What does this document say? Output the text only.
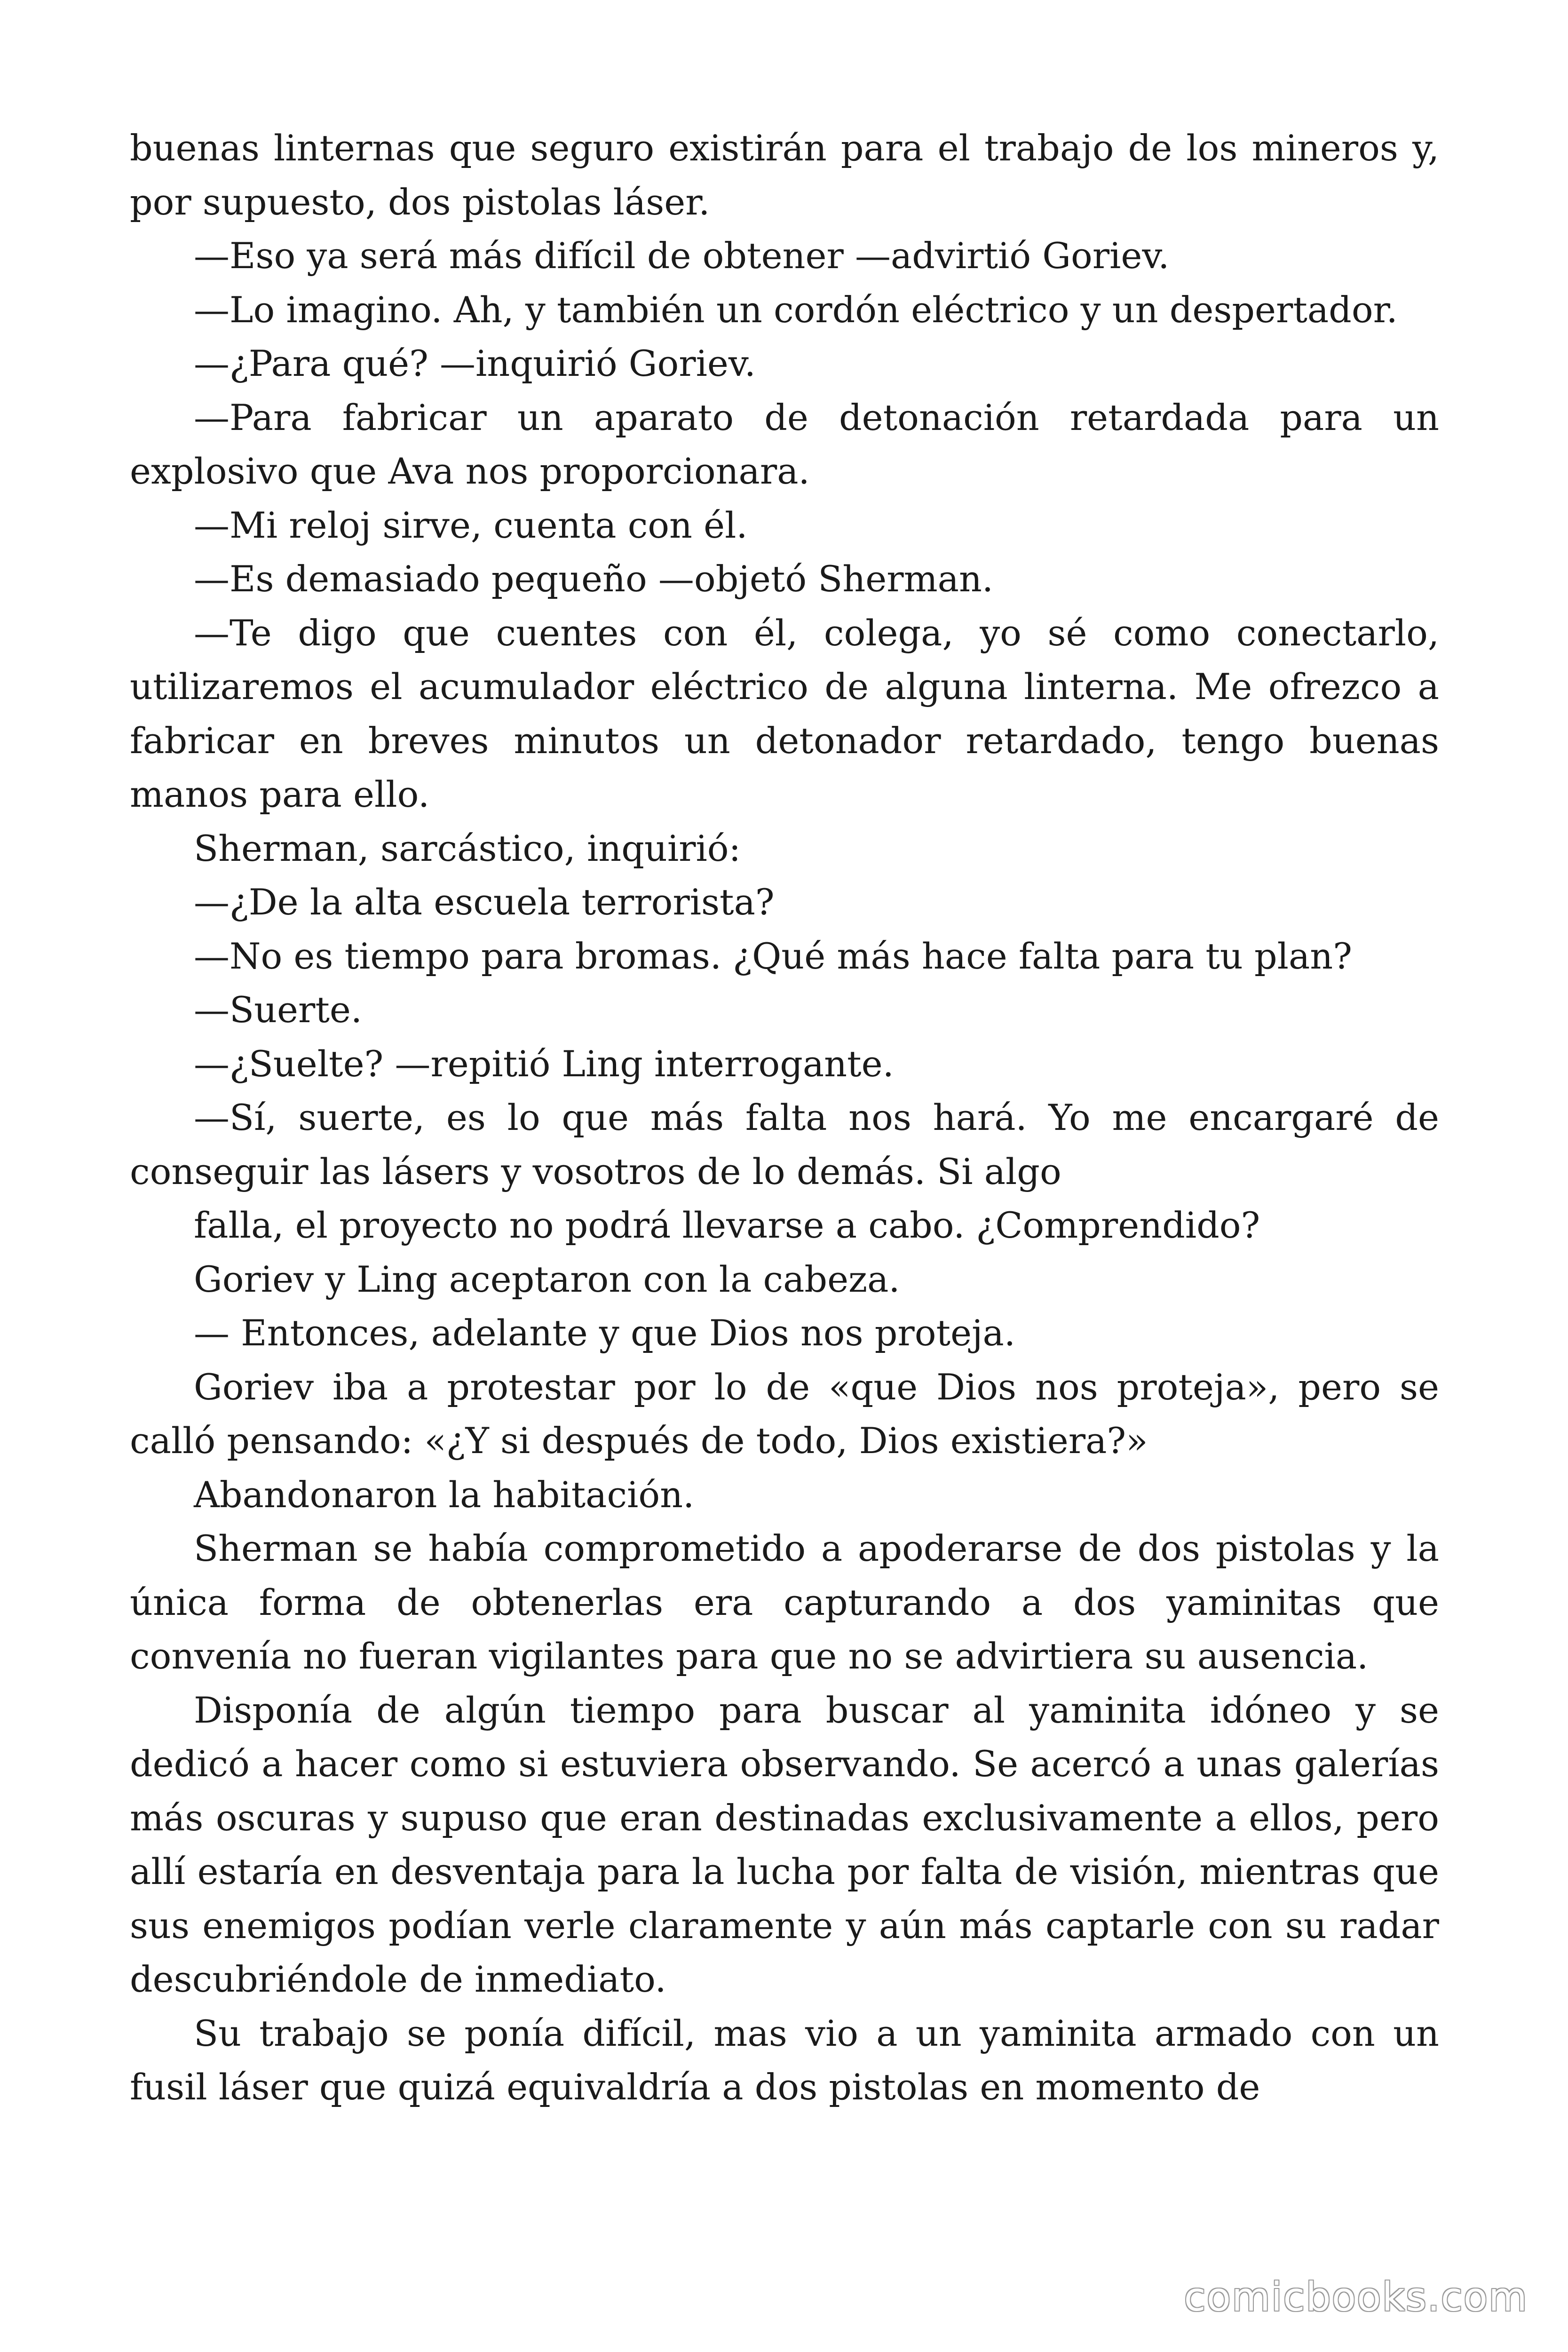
buenas linternas que seguro existirán para el trabajo de los mineros y, por supuesto, dos pistolas láser.

—Eso ya será más difícil de obtener —advirtió Goriev.

—Lo imagino. Ah, y también un cordón eléctrico y un despertador.

—¿Para qué? —inquirió Goriev.

—Para fabricar un aparato de detonación retardada para un explosivo que Ava nos proporcionara.

—Mi reloj sirve, cuenta con él.

—Es demasiado pequeño —objetó Sherman.

—Te digo que cuentes con él, colega, yo sé como conectarlo, utilizaremos el acumulador eléctrico de alguna linterna. Me ofrezco a fabricar en breves minutos un detonador retardado, tengo buenas manos para ello.

Sherman, sarcástico, inquirió:

—¿De la alta escuela terrorista?

—No es tiempo para bromas. ¿Qué más hace falta para tu plan?

—Suerte.

—¿Suelte? —repitió Ling interrogante.

—Sí, suerte, es lo que más falta nos hará. Yo me encargaré de conseguir las lásers y vosotros de lo demás. Si algo

falla, el proyecto no podrá llevarse a cabo. ¿Comprendido?

Goriev y Ling aceptaron con la cabeza.

— Entonces, adelante y que Dios nos proteja.

Goriev iba a protestar por lo de «que Dios nos proteja», pero se calló pensando: «¿Y si después de todo, Dios existiera?»

Abandonaron la habitación.

Sherman se había comprometido a apoderarse de dos pistolas y la única forma de obtenerlas era capturando a dos yaminitas que convenía no fueran vigilantes para que no se advirtiera su ausencia.

Disponía de algún tiempo para buscar al yaminita idóneo y se dedicó a hacer como si estuviera observando. Se acercó a unas galerías más oscuras y supuso que eran destinadas exclusivamente a ellos, pero allí estaría en desventaja para la lucha por falta de visión, mientras que sus enemigos podían verle claramente y aún más captarle con su radar descubriéndole de inmediato.

Su trabajo se ponía difícil, mas vio a un yaminita armado con un fusil láser que quizá equivaldría a dos pistolas en momento de

comicbooks.com
